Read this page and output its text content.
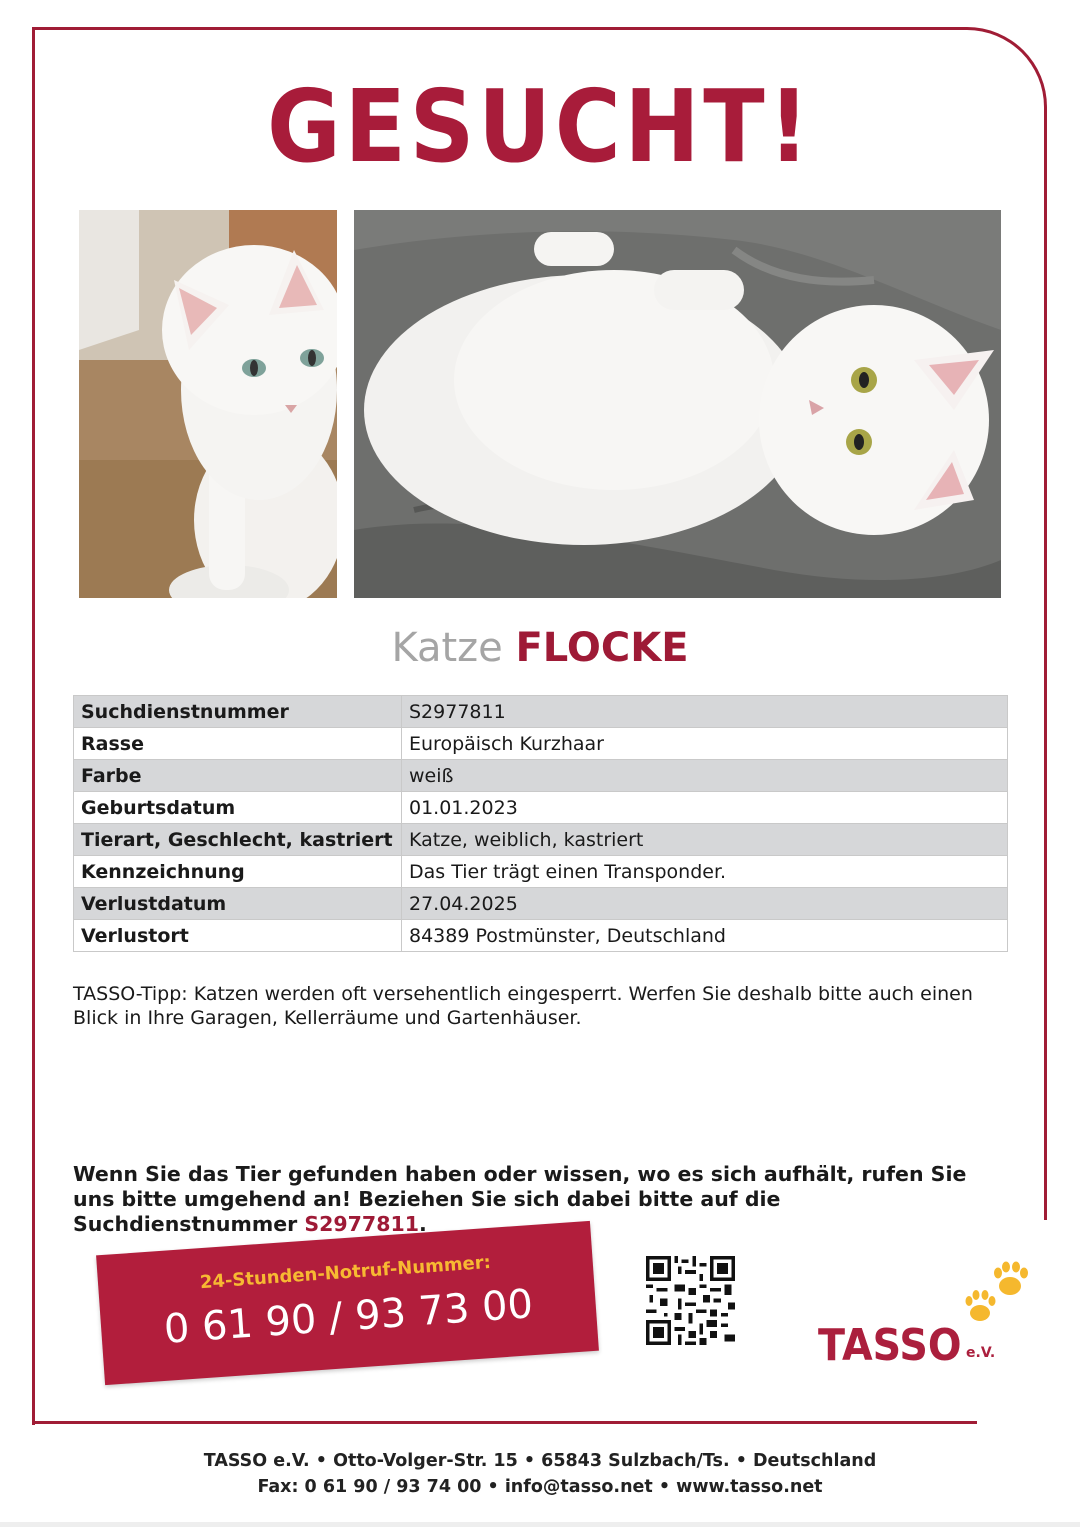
GESUCHT!
Katze FLOCKE
Suchdienstnummer	S2977811
Rasse	Europäisch Kurzhaar
Farbe	weiß
Geburtsdatum	01.01.2023
Tierart, Geschlecht, kastriert	Katze, weiblich, kastriert
Kennzeichnung	Das Tier trägt einen Transponder.
Verlustdatum	27.04.2025
Verlustort	84389 Postmünster, Deutschland
TASSO-Tipp: Katzen werden oft versehentlich eingesperrt. Werfen Sie deshalb bitte auch einen Blick in Ihre Garagen, Kellerräume und Gartenhäuser.
Wenn Sie das Tier gefunden haben oder wissen, wo es sich aufhält, rufen Sie uns bitte umgehend an! Beziehen Sie sich dabei bitte auf die Suchdienstnummer S2977811.
24-Stunden-Notruf-Nummer:
0 61 90 / 93 73 00	TASSO e.V.
TASSO e.V. • Otto-Volger-Str. 15 • 65843 Sulzbach/Ts. • Deutschland
Fax: 0 61 90 / 93 74 00 • info@tasso.net • www.tasso.net
